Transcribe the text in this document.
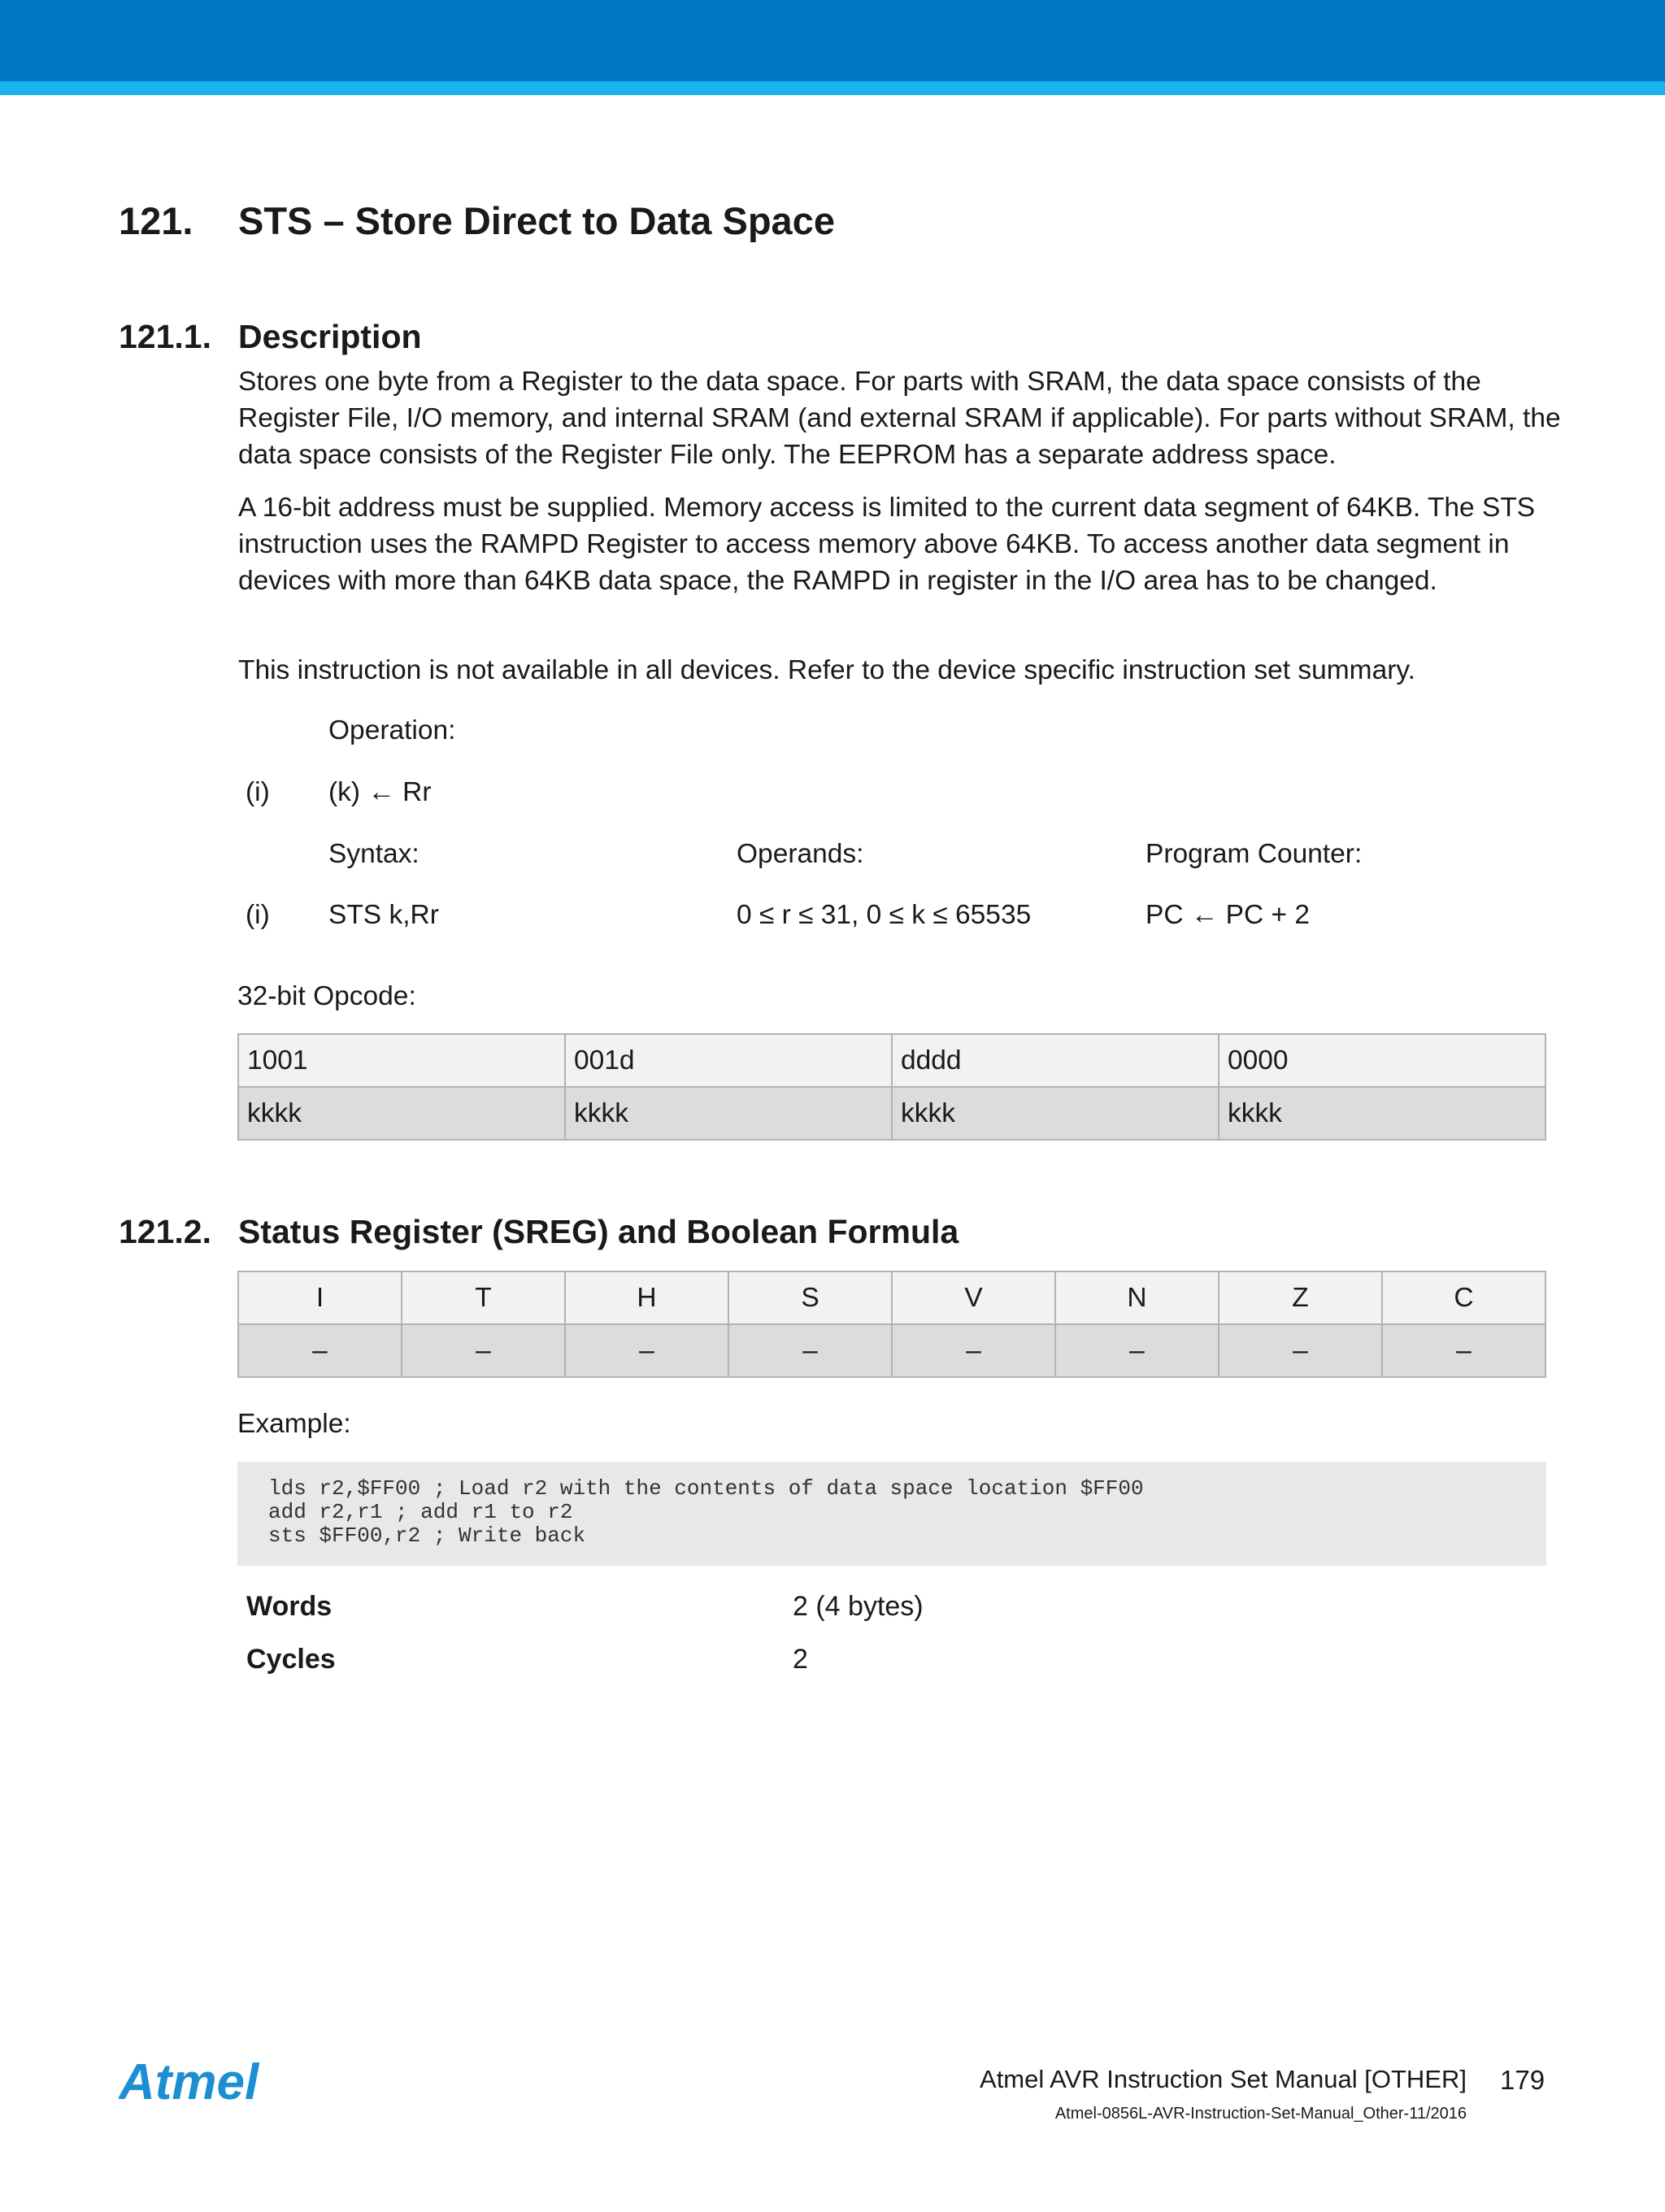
121. STS – Store Direct to Data Space
121.1. Description

Stores one byte from a Register to the data space. For parts with SRAM, the data space consists of the Register File, I/O memory, and internal SRAM (and external SRAM if applicable). For parts without SRAM, the data space consists of the Register File only. The EEPROM has a separate address space.

A 16-bit address must be supplied. Memory access is limited to the current data segment of 64KB. The STS instruction uses the RAMPD Register to access memory above 64KB. To access another data segment in devices with more than 64KB data space, the RAMPD in register in the I/O area has to be changed.

This instruction is not available in all devices. Refer to the device specific instruction set summary.

Operation:
(i) (k) ← Rr
Syntax:	Operands:	Program Counter:
(i) STS k,Rr	0 ≤ r ≤ 31, 0 ≤ k ≤ 65535	PC ← PC + 2
32-bit Opcode:
1001	001d	dddd	0000
kkkk	kkkk	kkkk	kkkk
121.2. Status Register (SREG) and Boolean Formula
I	T	H	S	V	N	Z	C
–	–	–	–	–	–	–	–
Example:
lds r2,$FF00 ; Load r2 with the contents of data space location $FF00
add r2,r1 ; add r1 to r2
sts $FF00,r2 ; Write back
Words	2 (4 bytes)
Cycles	2
Atmel	Atmel AVR Instruction Set Manual [OTHER] 179
Atmel-0856L-AVR-Instruction-Set-Manual_Other-11/2016
